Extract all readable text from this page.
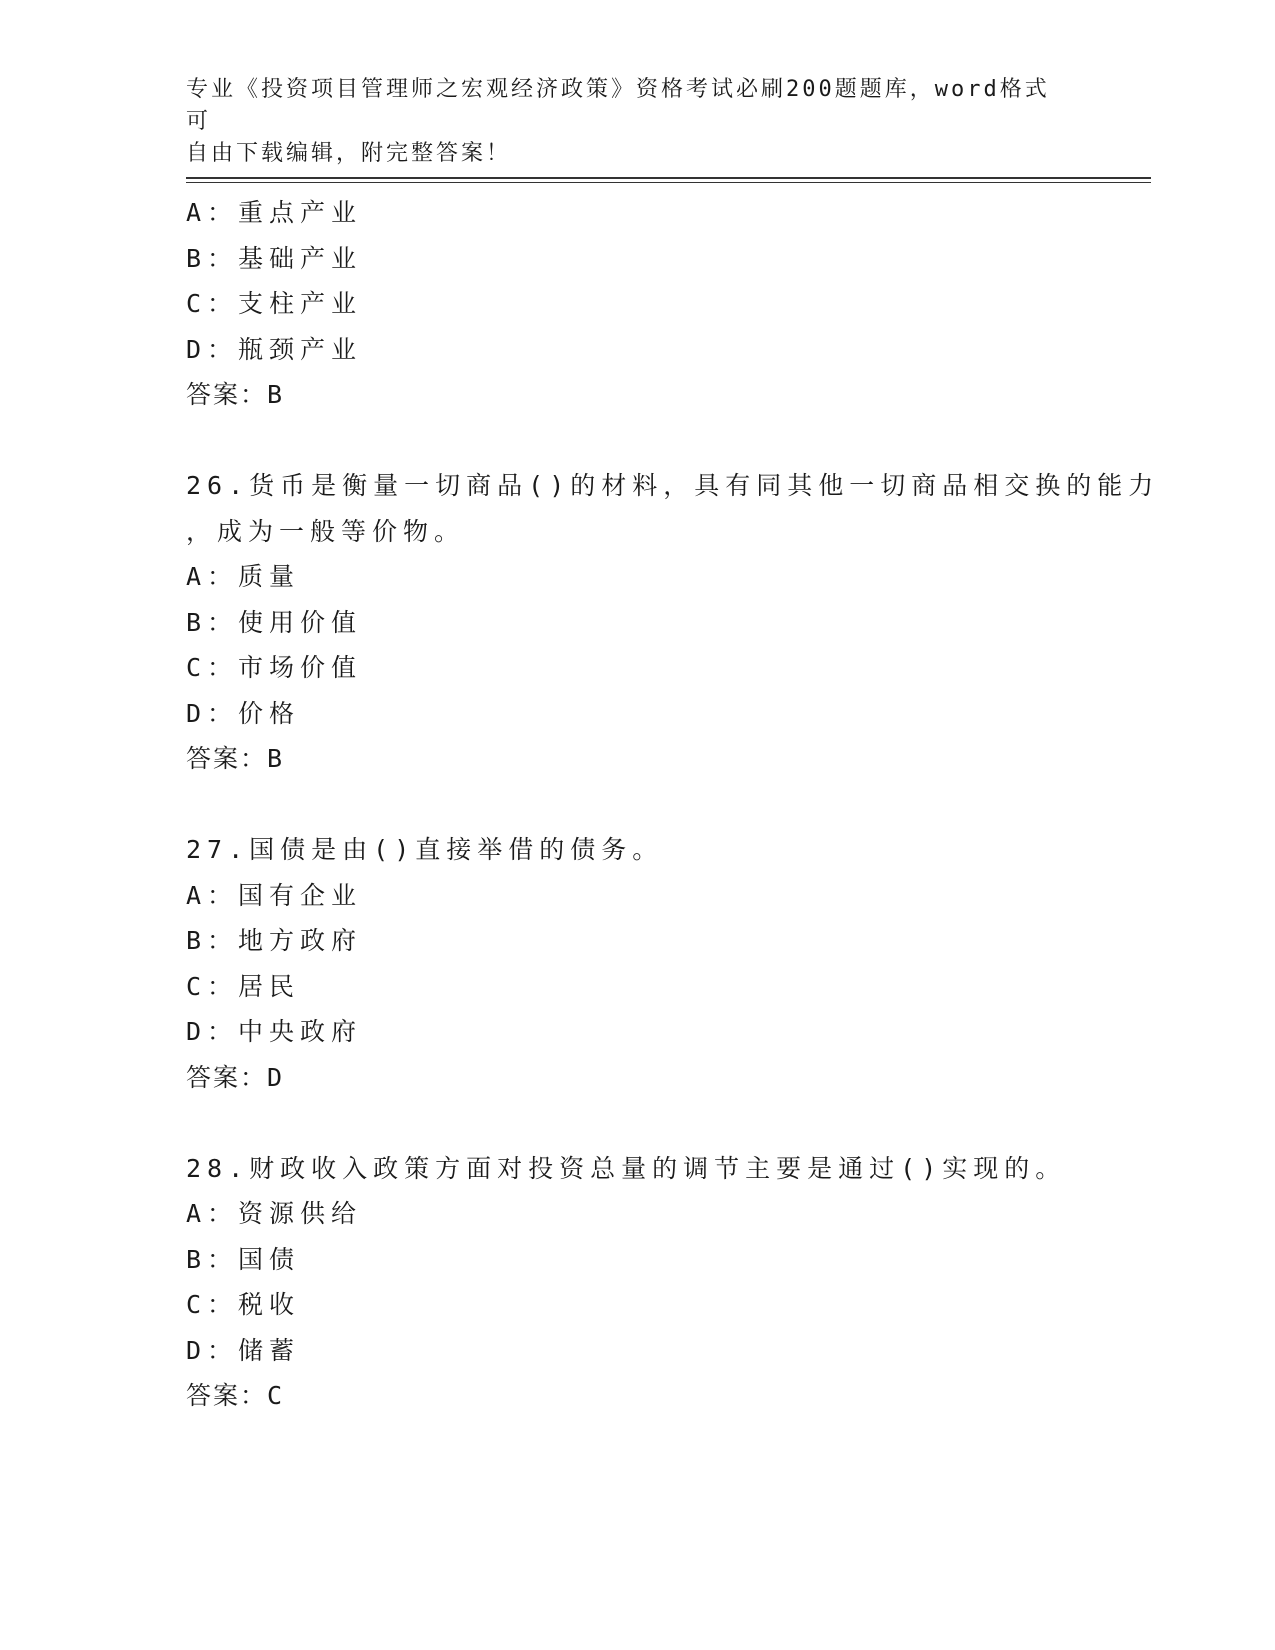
专业《投资项目管理师之宏观经济政策》资格考试必刷200题题库，word格式可
自由下载编辑，附完整答案！
A：重点产业
B：基础产业
C：支柱产业
D：瓶颈产业
答案：B
26.货币是衡量一切商品()的材料，具有同其他一切商品相交换的能力
，成为一般等价物。
A：质量
B：使用价值
C：市场价值
D：价格
答案：B
27.国债是由()直接举借的债务。
A：国有企业
B：地方政府
C：居民
D：中央政府
答案：D
28.财政收入政策方面对投资总量的调节主要是通过()实现的。
A：资源供给
B：国债
C：税收
D：储蓄
答案：C
